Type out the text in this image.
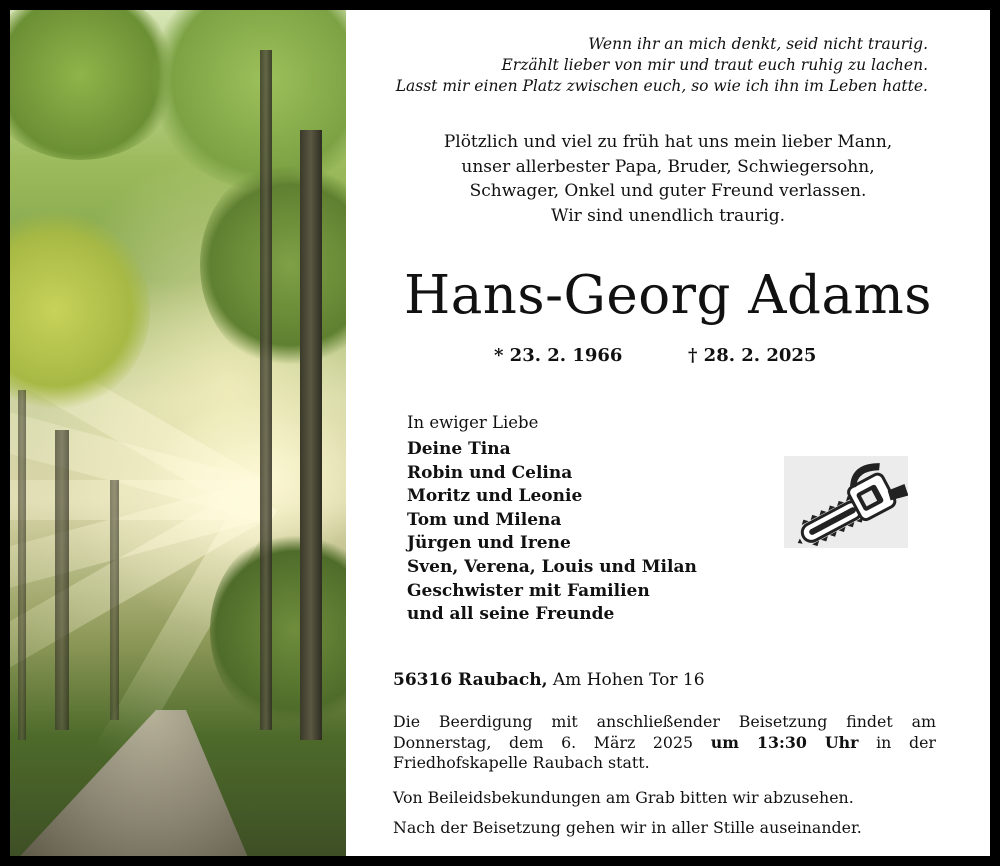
Wenn ihr an mich denkt, seid nicht traurig.
Erzählt lieber von mir und traut euch ruhig zu lachen.
Lasst mir einen Platz zwischen euch, so wie ich ihn im Leben hatte.
Plötzlich und viel zu früh hat uns mein lieber Mann,
unser allerbester Papa, Bruder, Schwiegersohn,
Schwager, Onkel und guter Freund verlassen.
Wir sind unendlich traurig.
Hans-Georg Adams
* 23. 2. 1966	† 28. 2. 2025
In ewiger Liebe
Deine Tina
Robin und Celina
Moritz und Leonie
Tom und Milena
Jürgen und Irene
Sven, Verena, Louis und Milan
Geschwister mit Familien
und all seine Freunde
56316 Raubach, Am Hohen Tor 16
Die Beerdigung mit anschließender Beisetzung findet am Donnerstag, dem 6. März 2025 um 13:30 Uhr in der Friedhofskapelle Raubach statt.
Von Beileidsbekundungen am Grab bitten wir abzusehen.
Nach der Beisetzung gehen wir in aller Stille auseinander.
